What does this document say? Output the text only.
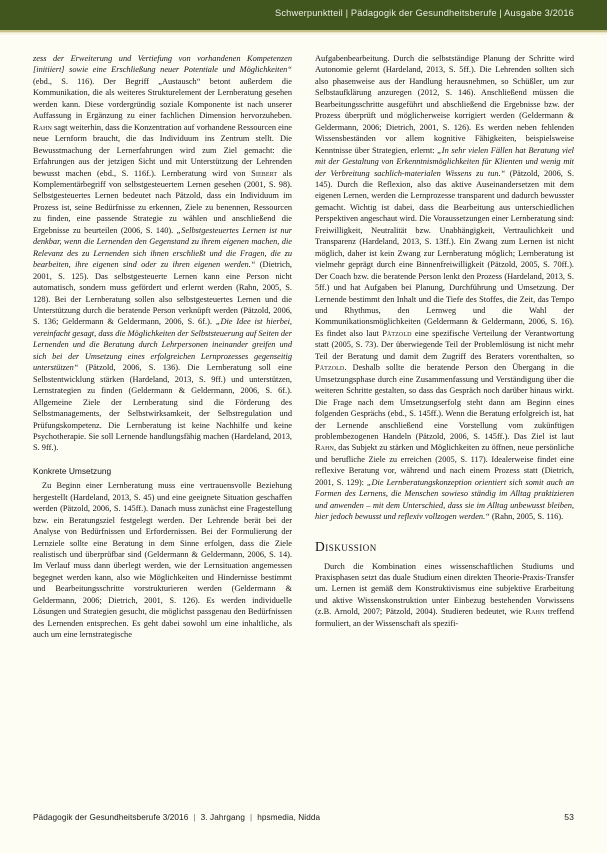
Schwerpunktteil | Pädagogik der Gesundheitsberufe | Ausgabe 3/2016

zess der Erweiterung und Vertiefung von vorhandenen Kompetenzen [initiiert] sowie eine Erschließung neuer Potentiale und Möglichkeiten“ (ebd., S. 116). Der Begriff „Austausch“ betont außerdem die Kommunikation, die als weiteres Strukturelement der Lernberatung gesehen werden kann. Diese vordergründig soziale Komponente ist nach unserer Auffassung in Ergänzung zu einer fachlichen Dimension hervorzuheben. Rahn sagt weiterhin, dass die Konzentration auf vorhandene Ressourcen eine neue Lernform braucht, die das Individuum ins Zentrum stellt. Die Bewusstmachung der Lernerfahrungen wird zum Ziel gemacht: die Erfahrungen aus der jetzigen Sicht und mit Unterstützung der Lehrenden bewusst machen (ebd., S. 116f.). Lernberatung wird von Siebert als Komplementärbegriff von selbstgesteuertem Lernen gesehen (2001, S. 98). Selbstgesteuertes Lernen bedeutet nach Pätzold, dass ein Individuum im Prozess ist, seine Bedürfnisse zu erkennen, Ziele zu benennen, Ressourcen zu finden, eine passende Strategie zu wählen und anschließend die Ergebnisse zu beurteilen (2006, S. 140). „Selbstgesteuertes Lernen ist nur denkbar, wenn die Lernenden den Gegenstand zu ihrem eigenen machen, die Relevanz des zu Lernenden sich ihnen erschließt und die Fragen, die zu bearbeiten, ihre eigenen sind oder zu ihren eigenen werden.“ (Dietrich, 2001, S. 125). Das selbstgesteuerte Lernen kann eine Person nicht automatisch, sondern muss gefördert und erlernt werden (Rahn, 2005, S. 128). Bei der Lernberatung sollen also selbstgesteuertes Lernen und die Unterstützung durch die beratende Person verknüpft werden (Pätzold, 2006, S. 136; Geldermann & Geldermann, 2006, S. 6f.). „Die Idee ist hierbei, vereinfacht gesagt, dass die Möglichkeiten der Selbststeuerung auf Seiten der Lernenden und die Beratung durch Lehrpersonen ineinander greifen und sich bei der Umsetzung eines erfolgreichen Lernprozesses gegenseitig unterstützen“ (Pätzold, 2006, S. 136). Die Lernberatung soll eine Selbstentwicklung stärken (Hardeland, 2013, S. 9ff.) und unterstützen, Lernstrategien zu finden (Geldermann & Geldermann, 2006, S. 6f.). Allgemeine Ziele der Lernberatung sind die Förderung des Selbstmanagements, der Selbstwirksamkeit, der Selbstregulation und Prüfungskompetenz. Die Lernberatung ist keine Nachhilfe und keine Psychotherapie. Sie soll Lernende handlungsfähig machen (Hardeland, 2013, S. 9ff.).

Konkrete Umsetzung

Zu Beginn einer Lernberatung muss eine vertrauensvolle Beziehung hergestellt (Hardeland, 2013, S. 45) und eine geeignete Situation geschaffen werden (Pätzold, 2006, S. 145ff.). Danach muss zunächst eine Fragestellung bzw. ein Beratungsziel festgelegt werden. Der Lehrende berät bei der Analyse von Bedürfnissen und Erfordernissen. Bei der Formulierung der Lernziele sollte eine Beratung in dem Sinne erfolgen, dass die Ziele realistisch und überprüfbar sind (Geldermann & Geldermann, 2006, S. 14). Im Verlauf muss dann überlegt werden, wie der Lernsituation angemessen begegnet werden kann, also wie Möglichkeiten und Hindernisse bestimmt und Bearbeitungsschritte vorstrukturieren werden (Geldermann & Geldermann, 2006; Dietrich, 2001, S. 126). Es werden individuelle Lösungen und Strategien gesucht, die möglichst passgenau den Bedürfnissen des Lernenden entsprechen. Es geht dabei sowohl um eine inhaltliche, als auch um eine lernstrategische

Aufgabenbearbeitung. Durch die selbstständige Planung der Schritte wird Autonomie gelernt (Hardeland, 2013, S. 5ff.). Die Lehrenden sollten sich also phasenweise aus der Handlung herausnehmen, so Schüßler, um zur Selbstaufklärung anzuregen (2012, S. 146). Anschließend müssen die Bearbeitungsschritte ausgeführt und abschließend die Ergebnisse bzw. der Prozess überprüft und möglicherweise korrigiert werden (Geldermann & Geldermann, 2006; Dietrich, 2001, S. 126). Es werden neben fehlenden Wissensbeständen vor allem kognitive Fähigkeiten, beispielsweise Kenntnisse über Strategien, erlernt: „In sehr vielen Fällen hat Beratung viel mit der Gestaltung von Erkenntnismöglichkeiten für Klienten und wenig mit der Verbreitung sachlich-materialen Wissens zu tun.“ (Pätzold, 2006, S. 145). Durch die Reflexion, also das aktive Auseinandersetzen mit dem eigenen Lernen, werden die Lernprozesse transparent und dadurch bewusster gemacht. Wichtig ist dabei, dass die Bearbeitung aus unterschiedlichen Perspektiven angeschaut wird. Die Voraussetzungen einer Lernberatung sind: Freiwilligkeit, Neutralität bzw. Unabhängigkeit, Vertraulichkeit und Transparenz (Hardeland, 2013, S. 13ff.). Ein Zwang zum Lernen ist nicht möglich, daher ist kein Zwang zur Lernberatung möglich; Lernberatung ist vielmehr geprägt durch eine Binnenfreiwilligkeit (Pätzold, 2005, S. 70ff.). Der Coach bzw. die beratende Person lenkt den Prozess (Hardeland, 2013, S. 5ff.) und hat Aufgaben bei Planung, Durchführung und Umsetzung. Der Lernende bestimmt den Inhalt und die Tiefe des Stoffes, die Zeit, das Tempo und Rhythmus, den Lernweg und die Wahl der Kommunikationsmöglichkeiten (Geldermann & Geldermann, 2006, S. 16). Es findet also laut Pätzold eine spezifische Verteilung der Verantwortung statt (2005, S. 73). Der überwiegende Teil der Problemlösung ist nicht mehr Teil der Beratung und damit dem Zugriff des Beraters vorenthalten, so Pätzold. Deshalb sollte die beratende Person den Übergang in die Umsetzungsphase durch eine Zusammenfassung und Verständigung über die weiteren Schritte gestalten, so dass das Gespräch noch darüber hinaus wirkt. Die Frage nach dem Umsetzungserfolg steht dann am Beginn eines folgenden Gesprächs (ebd., S. 145ff.). Wenn die Beratung erfolgreich ist, hat der Lernende anschließend eine Vorstellung vom zukünftigen problembezogenen Handeln (Pätzold, 2006, S. 145ff.). Das Ziel ist laut Rahn, das Subjekt zu stärken und Möglichkeiten zu öffnen, neue persönliche und berufliche Ziele zu erreichen (2005, S. 117). Idealerweise findet eine reflexive Beratung vor, während und nach einem Prozess statt (Dietrich, 2001, S. 129): „Die Lernberatungskonzeption orientiert sich somit auch an Formen des Lernens, die Menschen sowieso ständig im Alltag praktizieren und anwenden – mit dem Unterschied, dass sie im Alltag unbewusst bleiben, hier jedoch bewusst und reflexiv vollzogen werden.“ (Rahn, 2005, S. 116).

Diskussion

Durch die Kombination eines wissenschaftlichen Studiums und Praxisphasen setzt das duale Studium einen direkten Theorie-Praxis-Transfer um. Lernen ist gemäß dem Konstruktivismus eine subjektive Erarbeitung und aktive Wissenskonstruktion unter Einbezug bestehenden Vorwissens (z.B. Arnold, 2007; Pätzold, 2004). Studieren bedeutet, wie Rahn treffend formuliert, an der Wissenschaft als spezifi-

Pädagogik der Gesundheitsberufe 3/2016 | 3. Jahrgang | hpsmedia, Nidda	53
